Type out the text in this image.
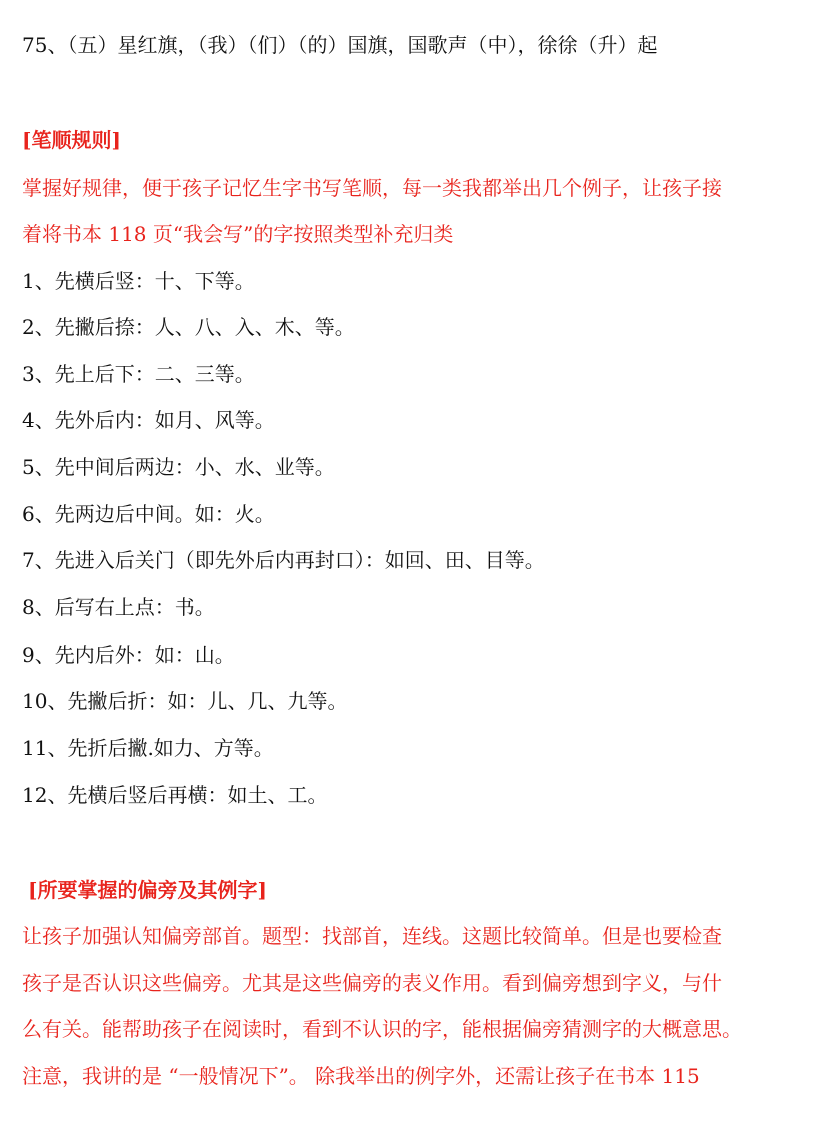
75、（五）星红旗，（我）（们）（的）国旗，国歌声（中），徐徐（升）起
[笔顺规则]
掌握好规律，便于孩子记忆生字书写笔顺，每一类我都举出几个例子，让孩子接
着将书本 118 页“我会写”的字按照类型补充归类
1、先横后竖：十、下等。
2、先撇后捺：人、八、入、木、等。
3、先上后下：二、三等。
4、先外后内：如月、风等。
5、先中间后两边：小、水、业等。
6、先两边后中间。如：火。
7、先进入后关门（即先外后内再封口）：如回、田、目等。
8、后写右上点：书。
9、先内后外：如：山。
10、先撇后折：如：儿、几、九等。
11、先折后撇.如力、方等。
12、先横后竖后再横：如土、工。
[所要掌握的偏旁及其例字]
让孩子加强认知偏旁部首。题型：找部首，连线。这题比较简单。但是也要检查
孩子是否认识这些偏旁。尤其是这些偏旁的表义作用。看到偏旁想到字义，与什
么有关。能帮助孩子在阅读时，看到不认识的字，能根据偏旁猜测字的大概意思。
注意，我讲的是 “一般情况下”。 除我举出的例字外，还需让孩子在书本 115
